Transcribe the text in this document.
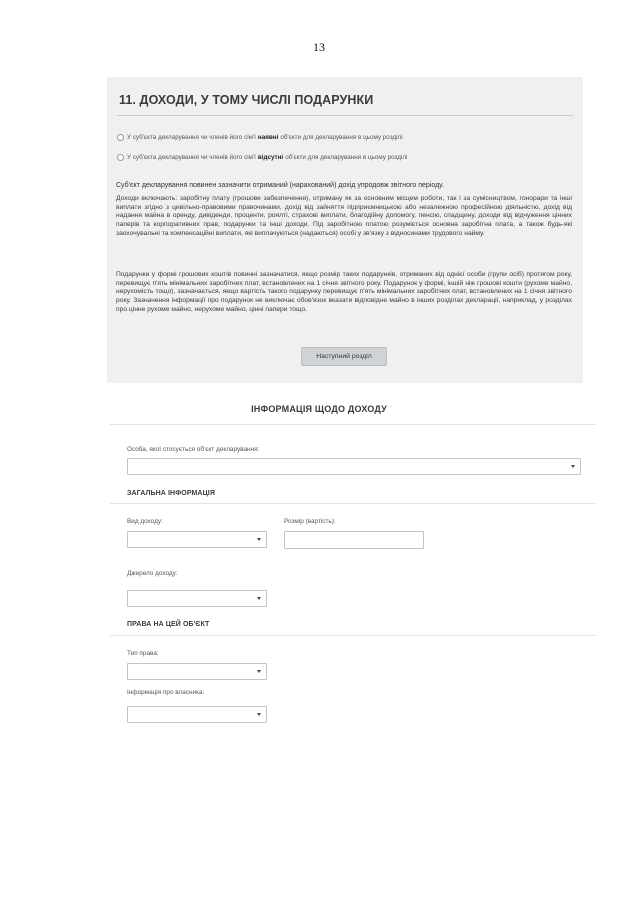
13
11. ДОХОДИ, У ТОМУ ЧИСЛІ ПОДАРУНКИ
У суб'єкта декларування чи членів його сім'ї наявні об'єкти для декларування в цьому розділі
У суб'єкта декларування чи членів його сім'ї відсутні об'єкти для декларування в цьому розділі
Суб'єкт декларування повинен зазначити отриманий (нарахований) дохід упродовж звітного періоду.
Доходи включають: заробітну плату (грошове забезпечення), отриману як за основним місцем роботи, так і за сумісництвом, гонорари та інші виплати згідно з цивільно-правовими правочинами, дохід від зайняття підприємницькою або незалежною професійною діяльністю, дохід від надання майна в оренду, дивіденди, проценти, роялті, страхові виплати, благодійну допомогу, пенсію, спадщину, доходи від відчуження цінних паперів та корпоративних прав, подарунки та інші доходи. Під заробітною платою розуміється основна заробітна плата, а також будь-які заохочувальні та компенсаційні виплати, які виплачуються (надаються) особі у зв'язку з відносинами трудового найму.
Подарунки у формі грошових коштів повинні зазначатися, якщо розмір таких подарунків, отриманих від однієї особи (групи осіб) протягом року, перевищує п'ять мінімальних заробітних плат, встановлених на 1 січня звітного року. Подарунок у формі, іншій ніж грошові кошти (рухоме майно, нерухомість тощо), зазначається, якщо вартість такого подарунку перевищує п'ять мінімальних заробітних плат, встановлених на 1 січня звітного року. Зазначення інформації про подарунок не виключає обов'язок вказати відповідне майно в інших розділах декларації, наприклад, у розділах про цінне рухоме майно, нерухоме майно, цінні папери тощо.
Наступний розділ
ІНФОРМАЦІЯ ЩОДО ДОХОДУ
Особа, якої стосується об'єкт декларування:
ЗАГАЛЬНА ІНФОРМАЦІЯ
Вид доходу:	Розмір (вартість):
Джерело доходу:
ПРАВА НА ЦЕЙ ОБ'ЄКТ
Тип права:
Інформація про власника:
